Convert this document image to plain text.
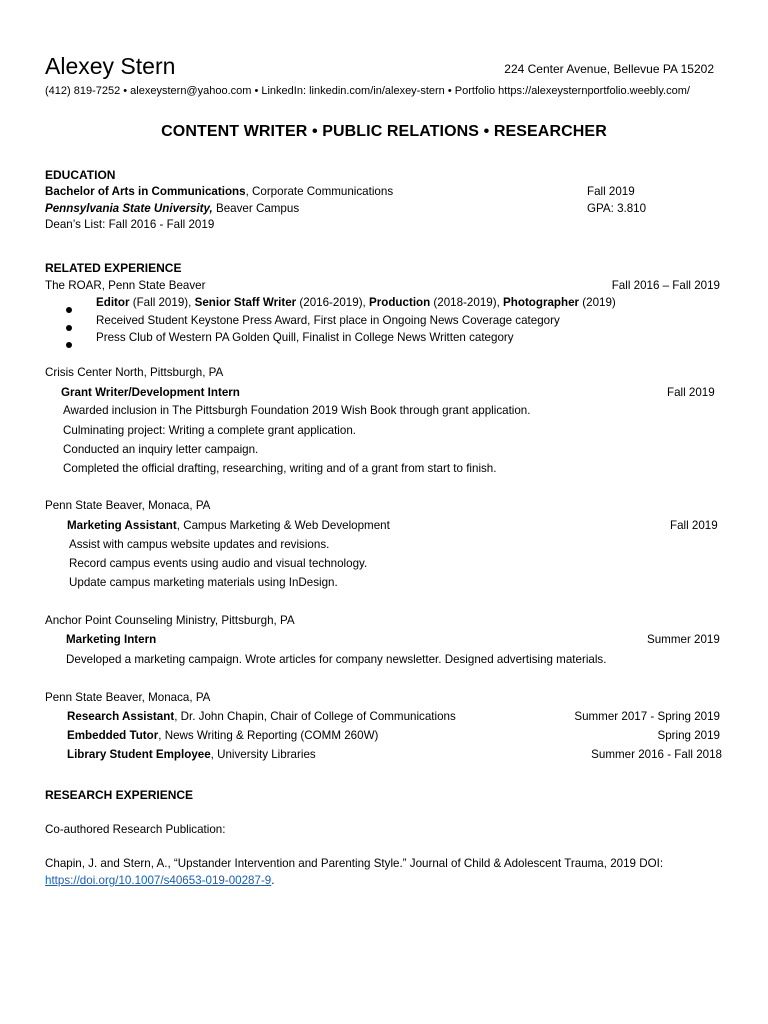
Alexey Stern	224 Center Avenue, Bellevue PA 15202
(412) 819-7252 • alexeystern@yahoo.com • LinkedIn: linkedin.com/in/alexey-stern • Portfolio https://alexeysternportfolio.weebly.com/
CONTENT WRITER • PUBLIC RELATIONS • RESEARCHER
EDUCATION
Bachelor of Arts in Communications, Corporate Communications	Fall 2019
Pennsylvania State University, Beaver Campus	GPA: 3.810
Dean’s List: Fall 2016 - Fall 2019
RELATED EXPERIENCE
The ROAR, Penn State Beaver	Fall 2016 – Fall 2019
Editor (Fall 2019), Senior Staff Writer (2016-2019), Production (2018-2019), Photographer (2019)
Received Student Keystone Press Award, First place in Ongoing News Coverage category
Press Club of Western PA Golden Quill, Finalist in College News Written category
Crisis Center North, Pittsburgh, PA
Grant Writer/Development Intern	Fall 2019
Awarded inclusion in The Pittsburgh Foundation 2019 Wish Book through grant application.
Culminating project: Writing a complete grant application.
Conducted an inquiry letter campaign.
Completed the official drafting, researching, writing and of a grant from start to finish.
Penn State Beaver, Monaca, PA
Marketing Assistant, Campus Marketing & Web Development	Fall 2019
Assist with campus website updates and revisions.
Record campus events using audio and visual technology.
Update campus marketing materials using InDesign.
Anchor Point Counseling Ministry, Pittsburgh, PA
Marketing Intern	Summer 2019
Developed a marketing campaign. Wrote articles for company newsletter. Designed advertising materials.
Penn State Beaver, Monaca, PA
Research Assistant, Dr. John Chapin, Chair of College of Communications	Summer 2017 - Spring 2019
Embedded Tutor, News Writing & Reporting (COMM 260W)	Spring 2019
Library Student Employee, University Libraries	Summer 2016 - Fall 2018
RESEARCH EXPERIENCE
Co-authored Research Publication:
Chapin, J. and Stern, A., “Upstander Intervention and Parenting Style.” Journal of Child & Adolescent Trauma, 2019 DOI:
https://doi.org/10.1007/s40653-019-00287-9.
